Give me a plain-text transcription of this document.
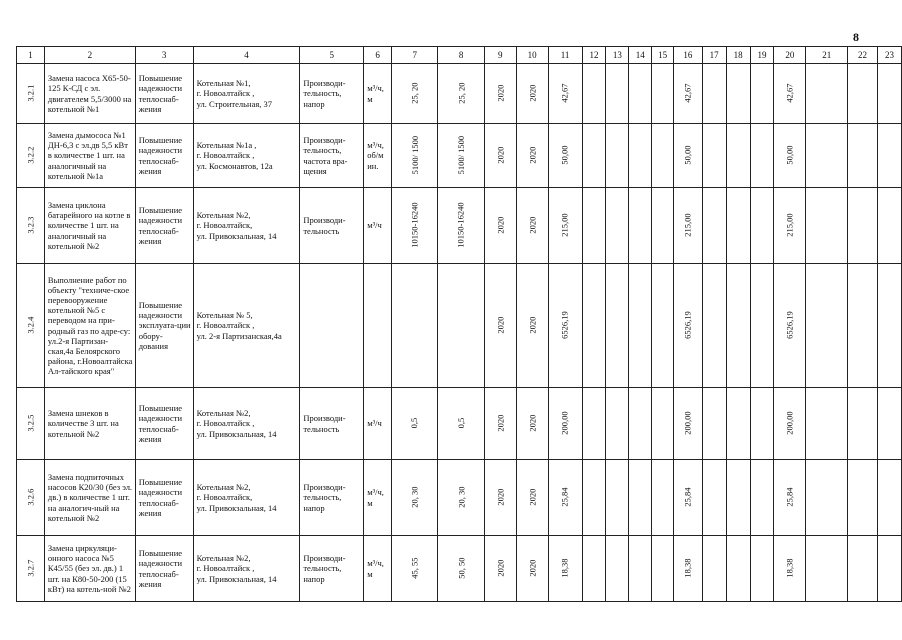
8
1	2	3	4	5	6	7	8	9	10	11	12	13	14	15	16	17	18	19	20	21	22	23
3.2.1	Замена насоса Х65-50-125 К-СД с эл. двигателем 5,5/3000 на котельной №1	Повышение надежности теплоснаб-жения	Котельная №1,
г. Новоалтайск ,
ул. Строительная, 37	Производи-тельность, напор	м³/ч, м	25, 20	25, 20	2020	2020	42,67					42,67				42,67			
3.2.2	Замена дымососа №1 ДН-6,3 с эл.дв 5,5 кВт в количестве 1 шт. на аналогичный на котельной №1а	Повышение надежности теплоснаб-жения	Котельная №1а ,
г. Новоалтайск ,
ул. Космонавтов, 12а	Производи-тельность, частота вра-щения	м³/ч, об/м ин.	5100/ 1500	5100/ 1500	2020	2020	50,00					50,00				50,00			
3.2.3	Замена циклона батарейного на котле в количестве 1 шт. на аналогичный на котельной №2	Повышение надежности теплоснаб-жения	Котельная №2,
г. Новоалтайск,
ул. Привокзальная, 14	Производи-тельность	м³/ч	10150-16240	10150-16240	2020	2020	215,00					215,00				215,00			
3.2.4	Выполнение работ по объекту "техниче-ское перевооружение котельной №5 с переводом на при-родный газ по адре-су: ул.2-я Партизан-ская,4а Белоярского района, г.Новоалтайска Ал-тайского края"	Повышение надежности эксплуата-ции обору-дования	Котельная № 5,
г. Новоалтайск ,
ул. 2-я Партизанская,4а					2020	2020	6526,19					6526,19				6526,19			
3.2.5	Замена шнеков в количестве 3 шт. на котельной №2	Повышение надежности теплоснаб-жения	Котельная №2,
г. Новоалтайск ,
ул. Привокзальная, 14	Производи-тельность	м³/ч	0,5	0,5	2020	2020	200,00					200,00				200,00			
3.2.6	Замена подпиточных насосов К20/30 (без эл. дв.) в количестве 1 шт. на аналогич-ный на котельной №2	Повышение надежности теплоснаб-жения	Котельная №2,
г. Новоалтайск,
ул. Привокзальная, 14	Производи-тельность, напор	м³/ч, м	20, 30	20, 30	2020	2020	25,84					25,84				25,84			
3.2.7	Замена циркуляци-онного насоса №5 К45/55 (без эл. дв.) 1 шт. на К80-50-200 (15 кВт) на котель-ной №2	Повышение надежности теплоснаб-жения	Котельная №2,
г. Новоалтайск ,
ул. Привокзальная, 14	Производи-тельность, напор	м³/ч, м	45, 55	50, 50	2020	2020	18,38					18,38				18,38			
